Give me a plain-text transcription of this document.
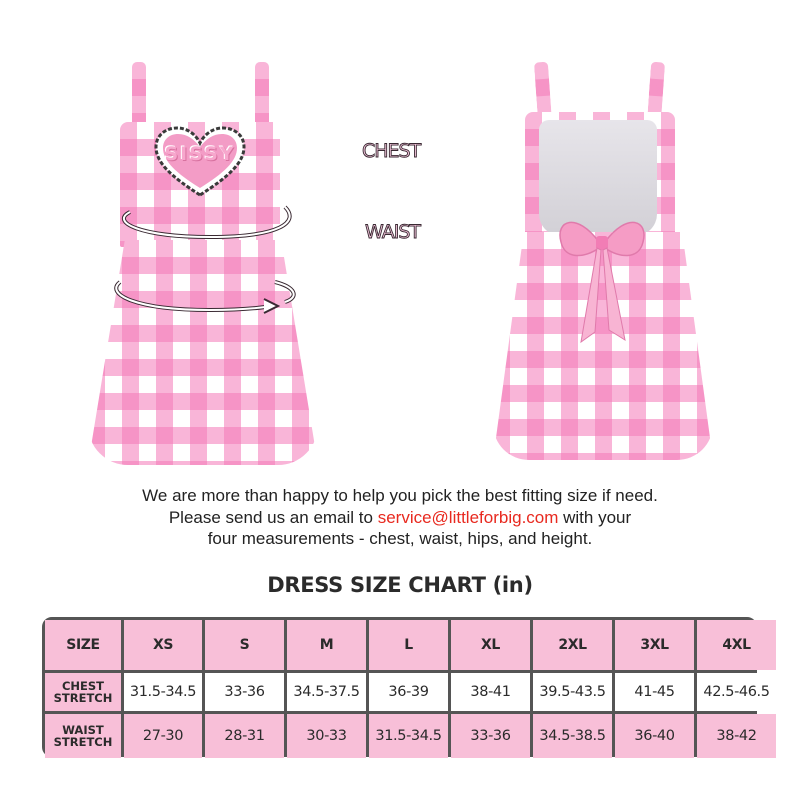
SISSY	CHEST
WAIST
We are more than happy to help you pick the best fitting size if need.
Please send us an email to service@littleforbig.com with your
four measurements - chest, waist, hips, and height.
DRESS SIZE CHART (in)
SIZE	XS	S	M	L	XL	2XL	3XL	4XL
CHEST
STRETCH	31.5-34.5	33-36	34.5-37.5	36-39	38-41	39.5-43.5	41-45	42.5-46.5
WAIST
STRETCH	27-30	28-31	30-33	31.5-34.5	33-36	34.5-38.5	36-40	38-42
